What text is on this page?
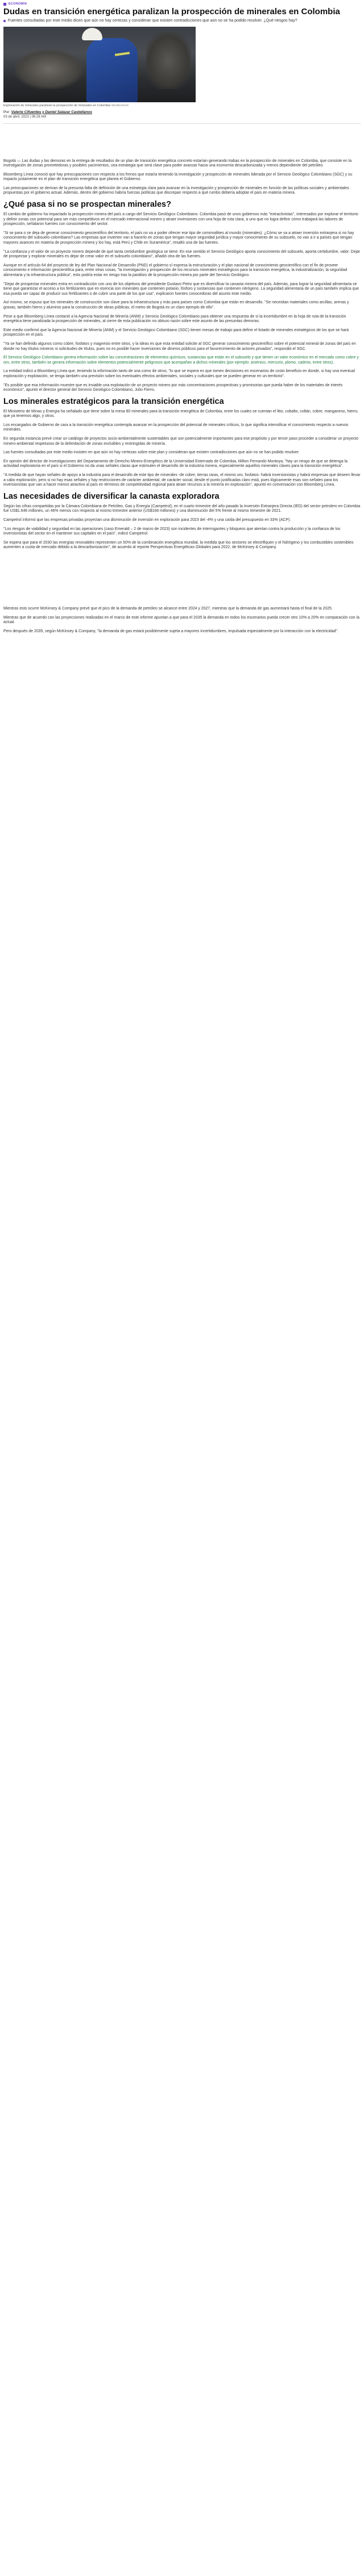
ECONOMÍA
Dudas en transición energética paralizan la prospección de minerales en Colombia
Fuentes consultadas por este medio dicen que aún no hay certezas y consideran que existen contradicciones que aún no se ha podido resolver. ¿Qué riesgos hay?
Exploración de minerales paralizan la prospección de minerales en Colombia Shutterstock
Por: Valerie Cifuentes y Daniel Salazar Castellanos
03 de abril, 2023 | 06:28 AM

Bogotá — Las dudas y las demoras en la entrega de resultados de un plan de transición energética concreto estarían generando trabas en la prospección de minerales en Colombia, que consiste en la investigación de zonas prometedoras y posibles yacimientos, una estrategia que será clave para poder avanzar hacia una economía descarbonizada y menos dependiente del petróleo.

Bloomberg Línea conoció que hay preocupaciones con respecto a los frenos que estaría teniendo la investigación y prospección de minerales liderada por el Servicio Geológico Colombiano (SGC) y su impacto justamente en el plan de transición energética que planea el Gobierno.

Las preocupaciones se derivan de la presunta falta de definición de una estrategia clara para avanzar en la investigación y prospección de minerales en función de las políticas sociales y ambientales propuestas por el gobierno actual. Además, dentro del gobierno habría fuerzas políticas que discrepan respecto a qué rumbo debería adoptar el país en materia minera.

¿Qué pasa si no se prospectan minerales?

El cambio de gobierno ha impactado la prospección minera del país a cargo del Servicio Geológico Colombiano. Colombia pasó de unos gobiernos más "extractivistas", interesados por explorar el territorio y definir zonas con potencial para ser más competitivos en el mercado internacional minero y atraer inversiones con una hoja de ruta clara, a uno que no logra definir cómo trabajará las labores de prospección, señalaron fuentes con conocimiento del sector.

"Si se para o se deja de generar conocimiento geocientífico del territorio, el país no va a poder ofrecer ese tipo de commodities al mundo (minerales). ¿Cómo se va a atraer inversión extranjera si no hay conocimiento del subsuelo colombiano? Las empresas que invierten van a hacerlo en zonas que tengan mayor seguridad jurídica y mayor conocimiento de su subsuelo, no van a ir a países que tengan mayores avances en materia de prospección minera y los hay, está Perú y Chile en Suramérica", resaltó una de las fuentes.

"La confianza y el valor de un proyecto minero depende de qué tanta certidumbre geológica se tiene. En ese sentido el Servicio Geológico aporta conocimiento del subsuelo, aporta certidumbre, valor. Dejar de prospectar y explorar minerales es dejar de crear valor en el subsuelo colombiano", añadió otra de las fuentes.

Aunque en el artículo 64 del proyecto de ley del Plan Nacional de Desarrollo (PND) el gobierno sí expresa la estructuración y el plan nacional de conocimiento geocientífico con el fin de proveer conocimiento e información geocientífica para, entre otras cosas, "la investigación y prospección de los recursos minerales estratégicos para la transición energética, la industrialización, la seguridad alimentaria y la infraestructura pública", esto podría estar en riesgo tras la parálisis de la prospección minera por parte del Servicio Geológico.

"Dejar de prospectar minerales entra en contradicción con uno de los objetivos del presidente Gustavo Petro que es diversificar la canasta minera del país. Además, para lograr la seguridad alimentaria se tiene que garantizar el acceso a los fertilizantes que en esencia son minerales que contienen potasio, fósforo y sustancias que contienen nitrógeno. La seguridad alimentaria de un país también implica que esa pueda ser capaz de producir sus fertilizantes o de cubrir una parte de los que usa", explicaron fuentes conocedoras del asunto este medio.

Así mismo, se expuso que los minerales de construcción son clave para la infraestructura y más para países como Colombia que están en desarrollo. "Se necesitan materiales como arcillas, arenas y gravas, también hierro y aluminio para la construcción de obras públicas, el metro de Bogotá es un claro ejemplo de ello".

Pese a que Bloomberg Línea contactó a la Agencia Nacional de Minería (ANM) y Servicio Geológico Colombiano para obtener una respuesta de si la incertidumbre en la hoja de ruta de la transición energética tiene paralizada la prospección de minerales, al cierre de esta publicación no obtuvo razón sobre este asunto de las presuntas demoras.

Este medio confirmó que la Agencia Nacional de Minería (ANM) y el Servicio Geológico Colombiano (SGC) tienen mesas de trabajo para definir el listado de minerales estratégicos de los que se hará prospección en el país.

"Ya se han definido algunos como cobre, fosfatos y magnesio entre otros, y la ideas es que esta entidad solicite al SGC generar conocimiento geocientífico sobre el potencial mineral de zonas del país en donde no hay títulos mineros ni solicitudes de títulos, pues no es posible hacer inversiones de dineros públicos para el favorecimiento de actores privados", respondió el SGC.

El Servicio Geológico Colombiano genera información sobre las concentraciones de elementos químicos, sustancias que están en el subsuelo y que tienen un valor económico en el mercado como cobre y oro, entre otros, también se genera información sobre elementos potencialmente peligrosos que acompañan a dichos minerales (por ejemplo: arsénico, mercurio, plomo, cadmio, entre otros).

La entidad indicó a Bloomberg Línea que, teniendo la información tanto de una como de otros, "lo que se espera es que tomen decisiones en escenarios de costo beneficio en donde, si hay una eventual exploración y explotación, se tenga también una previsión sobre los eventuales efectos ambientales, sociales y culturales que se pueden generar en un territorio".

"Es posible que esa información muestre que es inviable una explotación de un proyecto minero por más concentraciones prospectivas y promisorias que pueda haber de los materiales de interés económico", apuntó el director general del Servicio Geológico Colombiano, Julio Fierro.

Los minerales estratégicos para la transición energética

El Ministerio de Minas y Energía ha señalado que tiene sobre la mesa 80 minerales para la transición energética de Colombia, entre los cuales se cuentan el litio, cobalto, coltán, cobre, manganeso, hierro, que ya tenemos algo, y otros.

Los encargados de Gobierno de cara a la transición energética contempla avanzar en la prospección del potencial de minerales críticos, lo que significa intensificar el conocimiento respecto a nuevos minerales.

En segunda instancia prevé crear un catálogo de proyectos socio-ambientalmente sustentables que son potencialmente importantes para ese propósito y por tercer paso proceder a considerar un proyecto minero-ambiental respetuoso de la delimitación de zonas excluibles y restringidas de minería.

Las fuentes consultadas por este medio insisten en que aún no hay certezas sobre este plan y consideran que existen contradicciones que aún no se han podido resolver.

En opinión del director de Investigaciones del Departamento de Derecho Minero-Energético de la Universidad Externado de Colombia, Milton Fernando Montoya, "hay un riesgo de que se detenga la actividad exploratoria en el país si el Gobierno no da unas señales claras que estimulen el desarrollo de la industria minera, especialmente aquellos minerales claves para la transición energética".

"A medida de que hayan señales de apoyo a la industria para el desarrollo de este tipo de minerales -de cobre, tierras raras, el mismo oro, fosfatos- habrá inversionistas y habrá empresas que deseen llevar a cabo exploración, pero si no hay esas señales y hay restricciones de carácter ambiental, de carácter social, desde el punto justificadas claro está, pues lógicamente esas son señales para los inversionistas que van a hacer menos atractivo al país en términos de competitividad regional para atraer recursos a la minería en exploración", apuntó en conversación con Bloomberg Línea.

Las necesidades de diversificar la canasta exploradora

Según las cifras compartidas por la Cámara Colombiana de Petróleo, Gas y Energía (Campetrol), en el cuarto trimestre del año pasado la Inversión Extranjera Directa (IED) del sector petrolero en Colombia fue US$1.646 millones, un 46% menos con respecto al mismo trimestre anterior (US$168 millones) y una disminución del 5% frente al mismo trimestre de 2021.

Campetrol informó que las empresas privadas proyectan una disminución de inversión en exploración para 2023 del -4% y una caída del presupuesto en 33% (ACP).

"Los riesgos de viabilidad y seguridad en las operaciones (caso Emerald – 2 de marzo de 2023) son incidentes de interrogantes y bloqueos que atentan contra la producción y la confianza de los inversionistas del sector en el mantener sus capitales en el país", indicó Campetrol.

Se espera que para el 2030 las energías renovables representen un 50% de la combinación energética mundial, la medida que los sectores se electrifiquen y el hidrógeno y los combustibles sostenibles aumenten a cuota de mercado debido a la descarbonización", de acuerdo al reporte Perspectivas Energéticas Globales para 2022, de McKinsey & Company.

Mientras esto ocurre McKinsey & Company prevé que el pico de la demanda de petróleo se alcance entre 2024 y 2027, mientras que la demanda de gas aumentará hasta el final de la 2025.

Mientras que de acuerdo con las proyecciones realizadas en el marco de este informe apuntan a que para el 2035 la demanda en todos los escenarios pueda crecer otro 10% a 20% en comparación con la actual.

Pero después de 2035, según McKinsey & Company, "la demanda de gas estará posiblemente sujeta a mayores incertidumbres, impulsada especialmente por la interacción con la electricidad".
